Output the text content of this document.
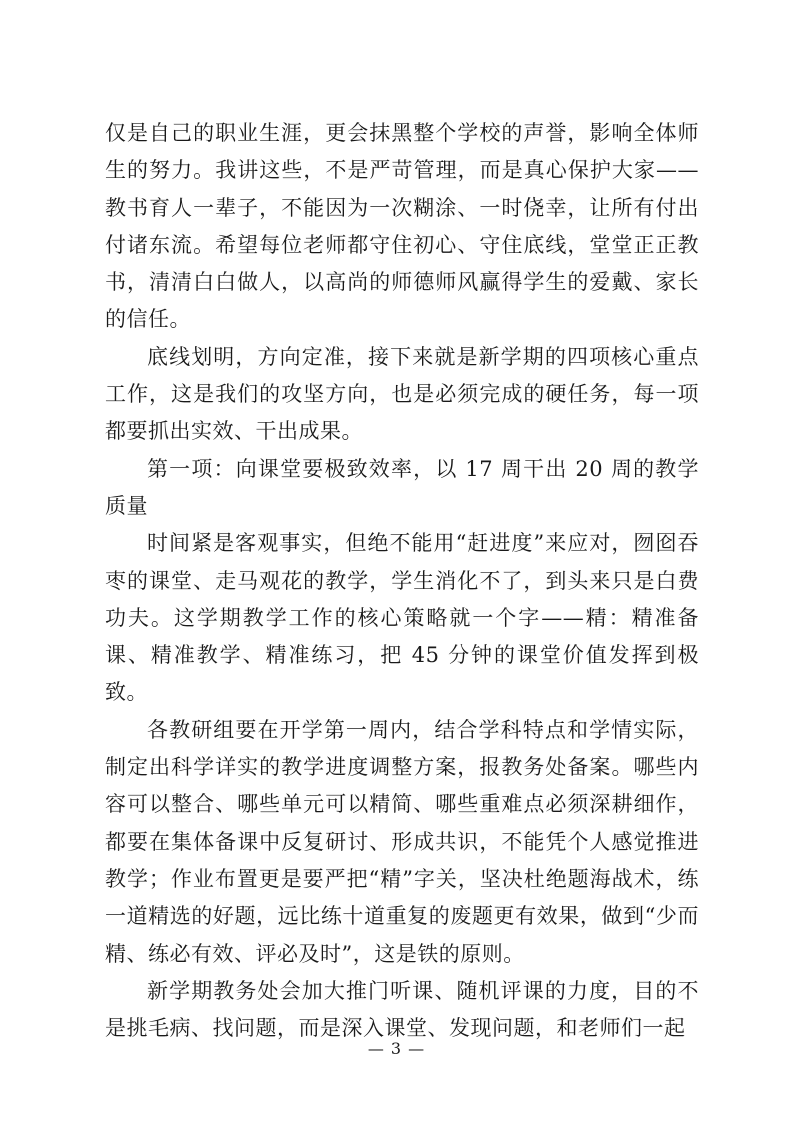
仅是自己的职业生涯，更会抹黑整个学校的声誉，影响全体师生的努力。我讲这些，不是严苛管理，而是真心保护大家——教书育人一辈子，不能因为一次糊涂、一时侥幸，让所有付出付诸东流。希望每位老师都守住初心、守住底线，堂堂正正教书，清清白白做人，以高尚的师德师风赢得学生的爱戴、家长的信任。

底线划明，方向定准，接下来就是新学期的四项核心重点工作，这是我们的攻坚方向，也是必须完成的硬任务，每一项都要抓出实效、干出成果。

第一项：向课堂要极致效率，以 17 周干出 20 周的教学质量

时间紧是客观事实，但绝不能用“赶进度”来应对，囫囵吞枣的课堂、走马观花的教学，学生消化不了，到头来只是白费功夫。这学期教学工作的核心策略就一个字——精：精准备课、精准教学、精准练习，把 45 分钟的课堂价值发挥到极致。

各教研组要在开学第一周内，结合学科特点和学情实际，制定出科学详实的教学进度调整方案，报教务处备案。哪些内容可以整合、哪些单元可以精简、哪些重难点必须深耕细作，都要在集体备课中反复研讨、形成共识，不能凭个人感觉推进教学；作业布置更是要严把“精”字关，坚决杜绝题海战术，练一道精选的好题，远比练十道重复的废题更有效果，做到“少而精、练必有效、评必及时”，这是铁的原则。

新学期教务处会加大推门听课、随机评课的力度，目的不是挑毛病、找问题，而是深入课堂、发现问题，和老师们一起

— 3 —
